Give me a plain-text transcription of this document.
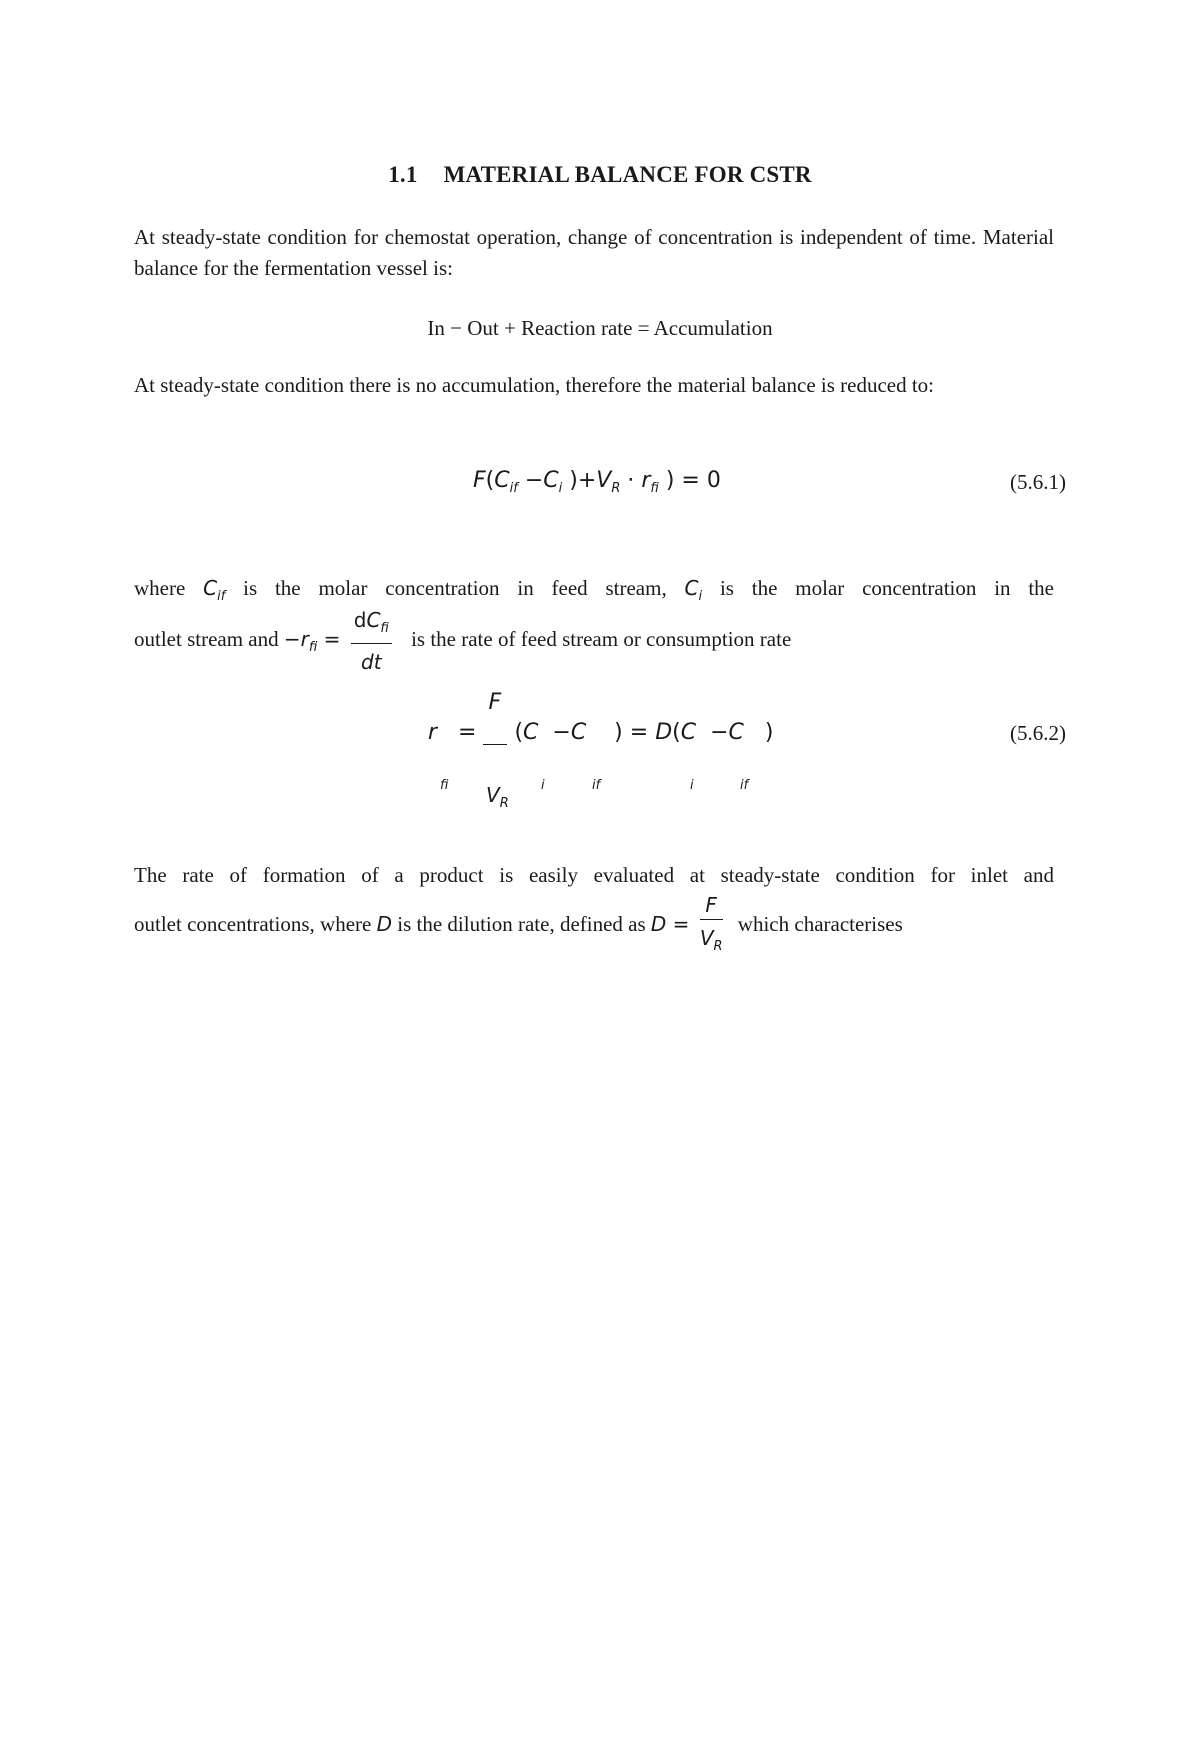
1.1 MATERIAL BALANCE FOR CSTR
At steady-state condition for chemostat operation, change of concentration is independent of time. Material balance for the fermentation vessel is:
In − Out + Reaction rate = Accumulation
At steady-state condition there is no accumulation, therefore the material balance is reduced to:
$F(C_{if} -C_i$ )$+V_R \cdot r_{fi}$ ) = 0	(5.6.1)
where $C_{if}$ is the molar concentration in feed stream, $C_i$ is the molar concentration in the
outlet stream and $-r_{fi} = \frac{dC_{fi}}{dt}$ is the rate of feed stream or consumption rate
r   =
F
(C  −C    ) = D(C  −C   )	(5.6.2)
fi $V_R$
i	if	i	if
The rate of formation of a product is easily evaluated at steady-state condition for inlet and
outlet concentrations, where D is the dilution rate, defined as $D = \frac{F}{V_R}$ which characterises
